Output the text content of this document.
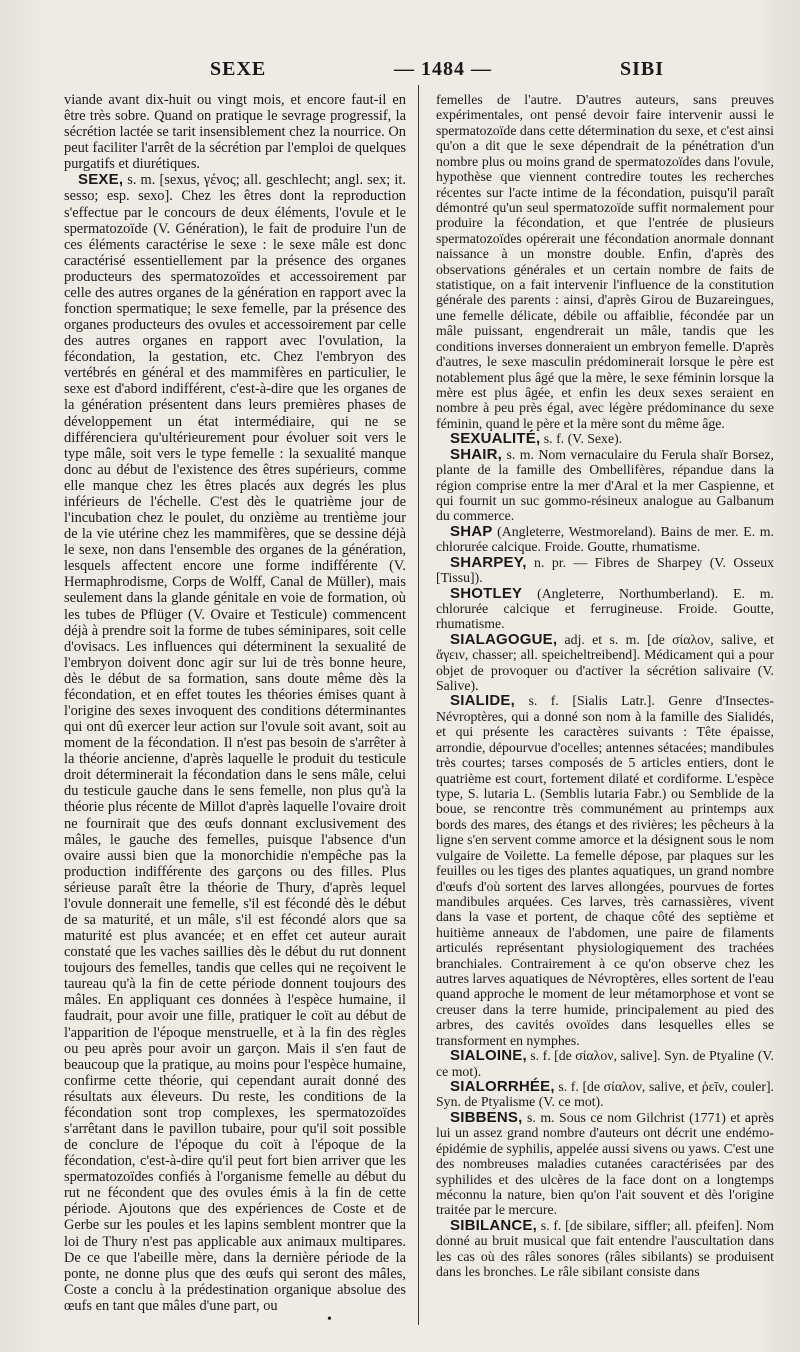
SEXE	— 1484 —	SIBI

viande avant dix-huit ou vingt mois, et encore faut-il en être très sobre. Quand on pratique le sevrage progressif, la sécrétion lactée se tarit insensiblement chez la nourrice. On peut faciliter l'arrêt de la sécrétion par l'emploi de quelques purgatifs et diurétiques.

SEXE, s. m. [sexus, γένος; all. geschlecht; angl. sex; it. sesso; esp. sexo]. Chez les êtres dont la reproduction s'effectue par le concours de deux éléments, l'ovule et le spermatozoïde (V. Génération), le fait de produire l'un de ces éléments caractérise le sexe : le sexe mâle est donc caractérisé essentiellement par la présence des organes producteurs des spermatozoïdes et accessoirement par celle des autres organes de la génération en rapport avec la fonction spermatique; le sexe femelle, par la présence des organes producteurs des ovules et accessoirement par celle des autres organes en rapport avec l'ovulation, la fécondation, la gestation, etc. Chez l'embryon des vertébrés en général et des mammifères en particulier, le sexe est d'abord indifférent, c'est-à-dire que les organes de la génération présentent dans leurs premières phases de développement un état intermédiaire, qui ne se différenciera qu'ultérieurement pour évoluer soit vers le type mâle, soit vers le type femelle : la sexualité manque donc au début de l'existence des êtres supérieurs, comme elle manque chez les êtres placés aux degrés les plus inférieurs de l'échelle. C'est dès le quatrième jour de l'incubation chez le poulet, du onzième au trentième jour de la vie utérine chez les mammifères, que se dessine déjà le sexe, non dans l'ensemble des organes de la génération, lesquels affectent encore une forme indifférente (V. Hermaphrodisme, Corps de Wolff, Canal de Müller), mais seulement dans la glande génitale en voie de formation, où les tubes de Pflüger (V. Ovaire et Testicule) commencent déjà à prendre soit la forme de tubes séminipares, soit celle d'ovisacs. Les influences qui déterminent la sexualité de l'embryon doivent donc agir sur lui de très bonne heure, dès le début de sa formation, sans doute même dès la fécondation, et en effet toutes les théories émises quant à l'origine des sexes invoquent des conditions déterminantes qui ont dû exercer leur action sur l'ovule soit avant, soit au moment de la fécondation. Il n'est pas besoin de s'arrêter à la théorie ancienne, d'après laquelle le produit du testicule droit déterminerait la fécondation dans le sens mâle, celui du testicule gauche dans le sens femelle, non plus qu'à la théorie plus récente de Millot d'après laquelle l'ovaire droit ne fournirait que des œufs donnant exclusivement des mâles, le gauche des femelles, puisque l'absence d'un ovaire aussi bien que la monorchidie n'empêche pas la production indifférente des garçons ou des filles. Plus sérieuse paraît être la théorie de Thury, d'après lequel l'ovule donnerait une femelle, s'il est fécondé dès le début de sa maturité, et un mâle, s'il est fécondé alors que sa maturité est plus avancée; et en effet cet auteur aurait constaté que les vaches saillies dès le début du rut donnent toujours des femelles, tandis que celles qui ne reçoivent le taureau qu'à la fin de cette période donnent toujours des mâles. En appliquant ces données à l'espèce humaine, il faudrait, pour avoir une fille, pratiquer le coït au début de l'apparition de l'époque menstruelle, et à la fin des règles ou peu après pour avoir un garçon. Mais il s'en faut de beaucoup que la pratique, au moins pour l'espèce humaine, confirme cette théorie, qui cependant aurait donné des résultats aux éleveurs. Du reste, les conditions de la fécondation sont trop complexes, les spermatozoïdes s'arrêtant dans le pavillon tubaire, pour qu'il soit possible de conclure de l'époque du coït à l'époque de la fécondation, c'est-à-dire qu'il peut fort bien arriver que les spermatozoïdes confiés à l'organisme femelle au début du rut ne fécondent que des ovules émis à la fin de cette période. Ajoutons que des expériences de Coste et de Gerbe sur les poules et les lapins semblent montrer que la loi de Thury n'est pas applicable aux animaux multipares. De ce que l'abeille mère, dans la dernière période de la ponte, ne donne plus que des œufs qui seront des mâles, Coste a conclu à la prédestination organique absolue des œufs en tant que mâles d'une part, ou

femelles de l'autre. D'autres auteurs, sans preuves expérimentales, ont pensé devoir faire intervenir aussi le spermatozoïde dans cette détermination du sexe, et c'est ainsi qu'on a dit que le sexe dépendrait de la pénétration d'un nombre plus ou moins grand de spermatozoïdes dans l'ovule, hypothèse que viennent contredire toutes les recherches récentes sur l'acte intime de la fécondation, puisqu'il paraît démontré qu'un seul spermatozoïde suffit normalement pour produire la fécondation, et que l'entrée de plusieurs spermatozoïdes opérerait une fécondation anormale donnant naissance à un monstre double. Enfin, d'après des observations générales et un certain nombre de faits de statistique, on a fait intervenir l'influence de la constitution générale des parents : ainsi, d'après Girou de Buzareingues, une femelle délicate, débile ou affaiblie, fécondée par un mâle puissant, engendrerait un mâle, tandis que les conditions inverses donneraient un embryon femelle. D'après d'autres, le sexe masculin prédominerait lorsque le père est notablement plus âgé que la mère, le sexe féminin lorsque la mère est plus âgée, et enfin les deux sexes seraient en nombre à peu près égal, avec légère prédominance du sexe féminin, quand le père et la mère sont du même âge.

SEXUALITÉ, s. f. (V. Sexe).

SHAIR, s. m. Nom vernaculaire du Ferula shaïr Borsez, plante de la famille des Ombellifères, répandue dans la région comprise entre la mer d'Aral et la mer Caspienne, et qui fournit un suc gommo-résineux analogue au Galbanum du commerce.

SHAP (Angleterre, Westmoreland). Bains de mer. E. m. chlorurée calcique. Froide. Goutte, rhumatisme.

SHARPEY, n. pr. — Fibres de Sharpey (V. Osseux [Tissu]).

SHOTLEY (Angleterre, Northumberland). E. m. chlorurée calcique et ferrugineuse. Froide. Goutte, rhumatisme.

SIALAGOGUE, adj. et s. m. [de σίαλον, salive, et ἄγειν, chasser; all. speicheltreibend]. Médicament qui a pour objet de provoquer ou d'activer la sécrétion salivaire (V. Salive).

SIALIDE, s. f. [Sialis Latr.]. Genre d'Insectes-Névroptères, qui a donné son nom à la famille des Sialidés, et qui présente les caractères suivants : Tête épaisse, arrondie, dépourvue d'ocelles; antennes sétacées; mandibules très courtes; tarses composés de 5 articles entiers, dont le quatrième est court, fortement dilaté et cordiforme. L'espèce type, S. lutaria L. (Semblis lutaria Fabr.) ou Semblide de la boue, se rencontre très communément au printemps aux bords des mares, des étangs et des rivières; les pêcheurs à la ligne s'en servent comme amorce et la désignent sous le nom vulgaire de Voilette. La femelle dépose, par plaques sur les feuilles ou les tiges des plantes aquatiques, un grand nombre d'œufs d'où sortent des larves allongées, pourvues de fortes mandibules arquées. Ces larves, très carnassières, vivent dans la vase et portent, de chaque côté des septième et huitième anneaux de l'abdomen, une paire de filaments articulés représentant physiologiquement des trachées branchiales. Contrairement à ce qu'on observe chez les autres larves aquatiques de Névroptères, elles sortent de l'eau quand approche le moment de leur métamorphose et vont se creuser dans la terre humide, principalement au pied des arbres, des cavités ovoïdes dans lesquelles elles se transforment en nymphes.

SIALOINE, s. f. [de σίαλον, salive]. Syn. de Ptyaline (V. ce mot).

SIALORRHÉE, s. f. [de σίαλον, salive, et ῥεῖν, couler]. Syn. de Ptyalisme (V. ce mot).

SIBBENS, s. m. Sous ce nom Gilchrist (1771) et après lui un assez grand nombre d'auteurs ont décrit une endémo-épidémie de syphilis, appelée aussi sivens ou yaws. C'est une des nombreuses maladies cutanées caractérisées par des syphilides et des ulcères de la face dont on a longtemps méconnu la nature, bien qu'on l'ait souvent et dès l'origine traitée par le mercure.

SIBILANCE, s. f. [de sibilare, siffler; all. pfeifen]. Nom donné au bruit musical que fait entendre l'auscultation dans les cas où des râles sonores (râles sibilants) se produisent dans les bronches. Le râle sibilant consiste dans

•
